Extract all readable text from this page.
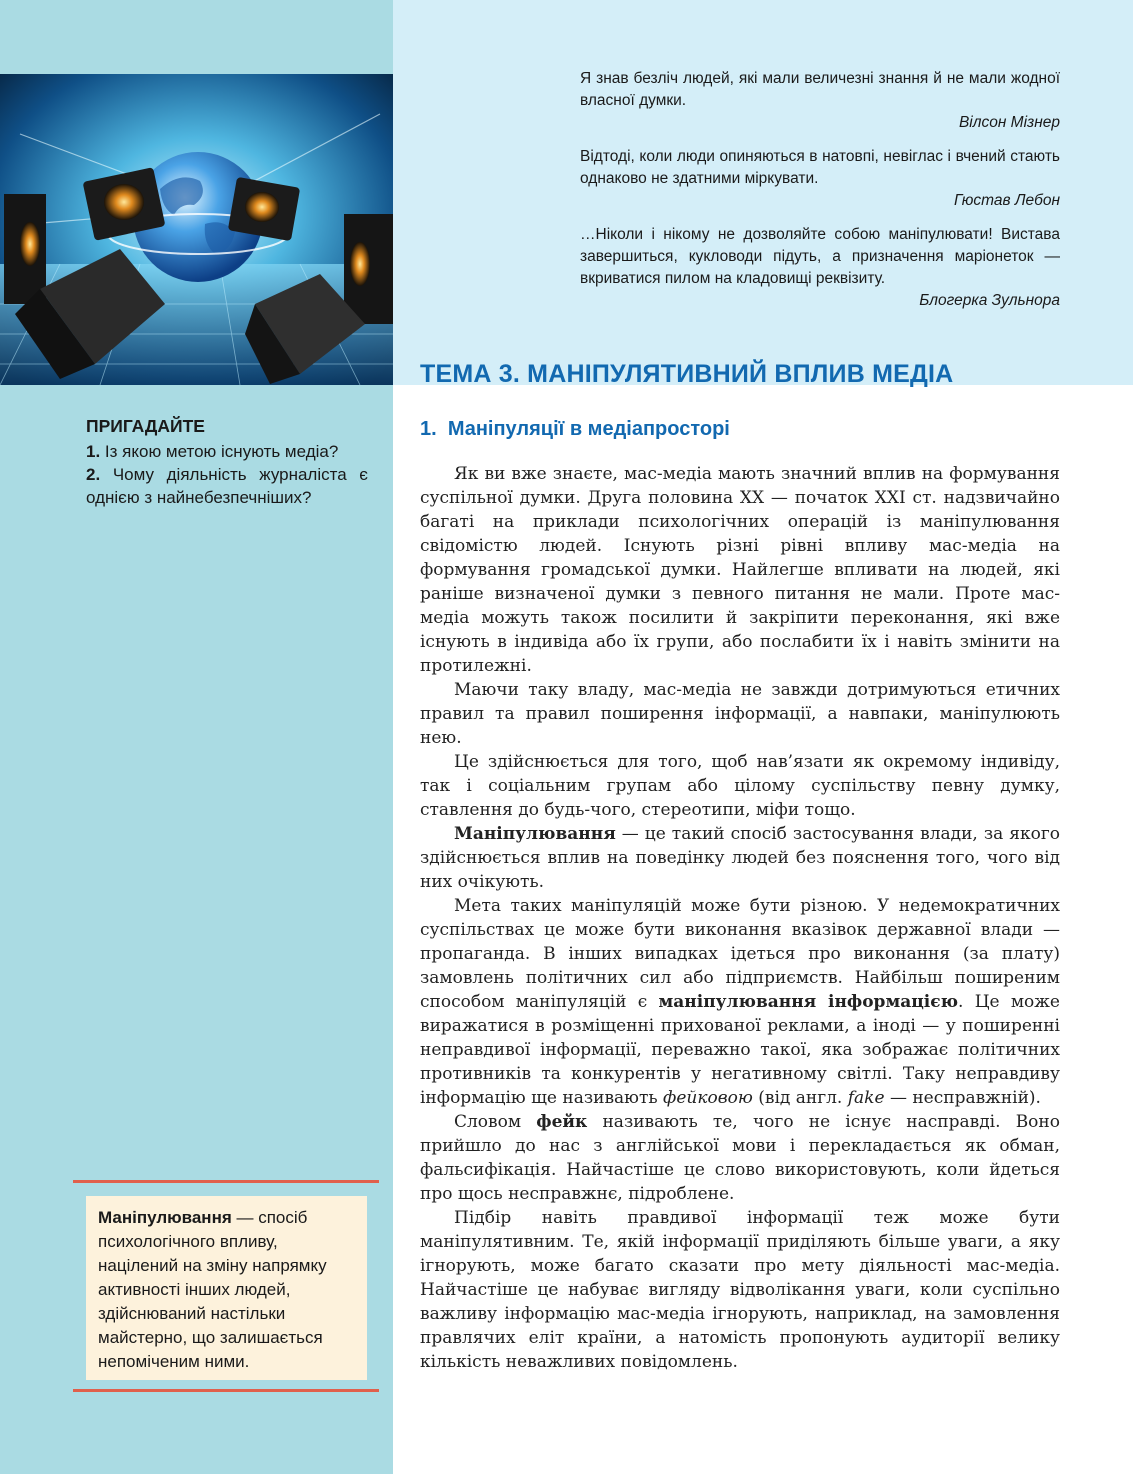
Я знав безліч людей, які мали величезні знання й не мали жодної власної думки.

Вілсон Мізнер

Відтоді, коли люди опиняються в натовпі, невіглас і вчений стають однаково не здатними міркувати.

Гюстав Лебон

…Ніколи і нікому не дозволяйте собою маніпулювати! Вистава завершиться, кукловоди підуть, а призначення маріонеток — вкриватися пилом на кладовищі реквізиту.

Блогерка Зульнора
ТЕМА 3. МАНІПУЛЯТИВНИЙ ВПЛИВ МЕДІА
ПРИГАДАЙТЕ

1. Із якою метою існують медіа?

2. Чому діяльність журналіста є однією з найнебезпечніших?

1. Маніпуляції в медіапросторі

Як ви вже знаєте, мас-медіа мають значний вплив на формування суспільної думки. Друга половина XX — початок XXI ст. надзвичайно багаті на приклади психологічних операцій із маніпулювання свідомістю людей. Існують різні рівні впливу мас-медіа на формування громадської думки. Найлегше впливати на людей, які раніше визначеної думки з певного питання не мали. Проте мас-медіа можуть також посилити й закріпити переконання, які вже існують в індивіда або їх групи, або послабити їх і навіть змінити на протилежні.

Маючи таку владу, мас-медіа не завжди дотримуються етичних правил та правил поширення інформації, а навпаки, маніпулюють нею.

Це здійснюється для того, щоб нав’язати як окремому індивіду, так і соціальним групам або цілому суспільству певну думку, ставлення до будь-чого, стереотипи, міфи тощо.

Маніпулювання — це такий спосіб застосування влади, за якого здійснюється вплив на поведінку людей без пояснення того, чого від них очікують.

Мета таких маніпуляцій може бути різною. У недемократичних суспільствах це може бути виконання вказівок державної влади — пропаганда. В інших випадках ідеться про виконання (за плату) замовлень політичних сил або підприємств. Найбільш поширеним способом маніпуляцій є маніпулювання інформацією. Це може виражатися в розміщенні прихованої реклами, а іноді — у поширенні неправдивої інформації, переважно такої, яка зображає політичних противників та конкурентів у негативному світлі. Таку неправдиву інформацію ще називають фейковою (від англ. fake — несправжній).

Словом фейк називають те, чого не існує насправді. Воно прийшло до нас з англійської мови і перекладається як обман, фальсифікація. Найчастіше це слово використовують, коли йдеться про щось несправжнє, підроблене.

Підбір навіть правдивої інформації теж може бути маніпулятивним. Те, якій інформації приділяють більше уваги, а яку ігнорують, може багато сказати про мету діяльності мас-медіа. Найчастіше це набуває вигляду відволікання уваги, коли суспільно важливу інформацію мас-медіа ігнорують, наприклад, на замовлення правлячих еліт країни, а натомість пропонують аудиторії велику кількість неважливих повідомлень.

Маніпулювання — спосіб психологічного впливу, націлений на зміну напрямку активності інших людей, здійснюваний настільки майстерно, що залишається непоміченим ними.
